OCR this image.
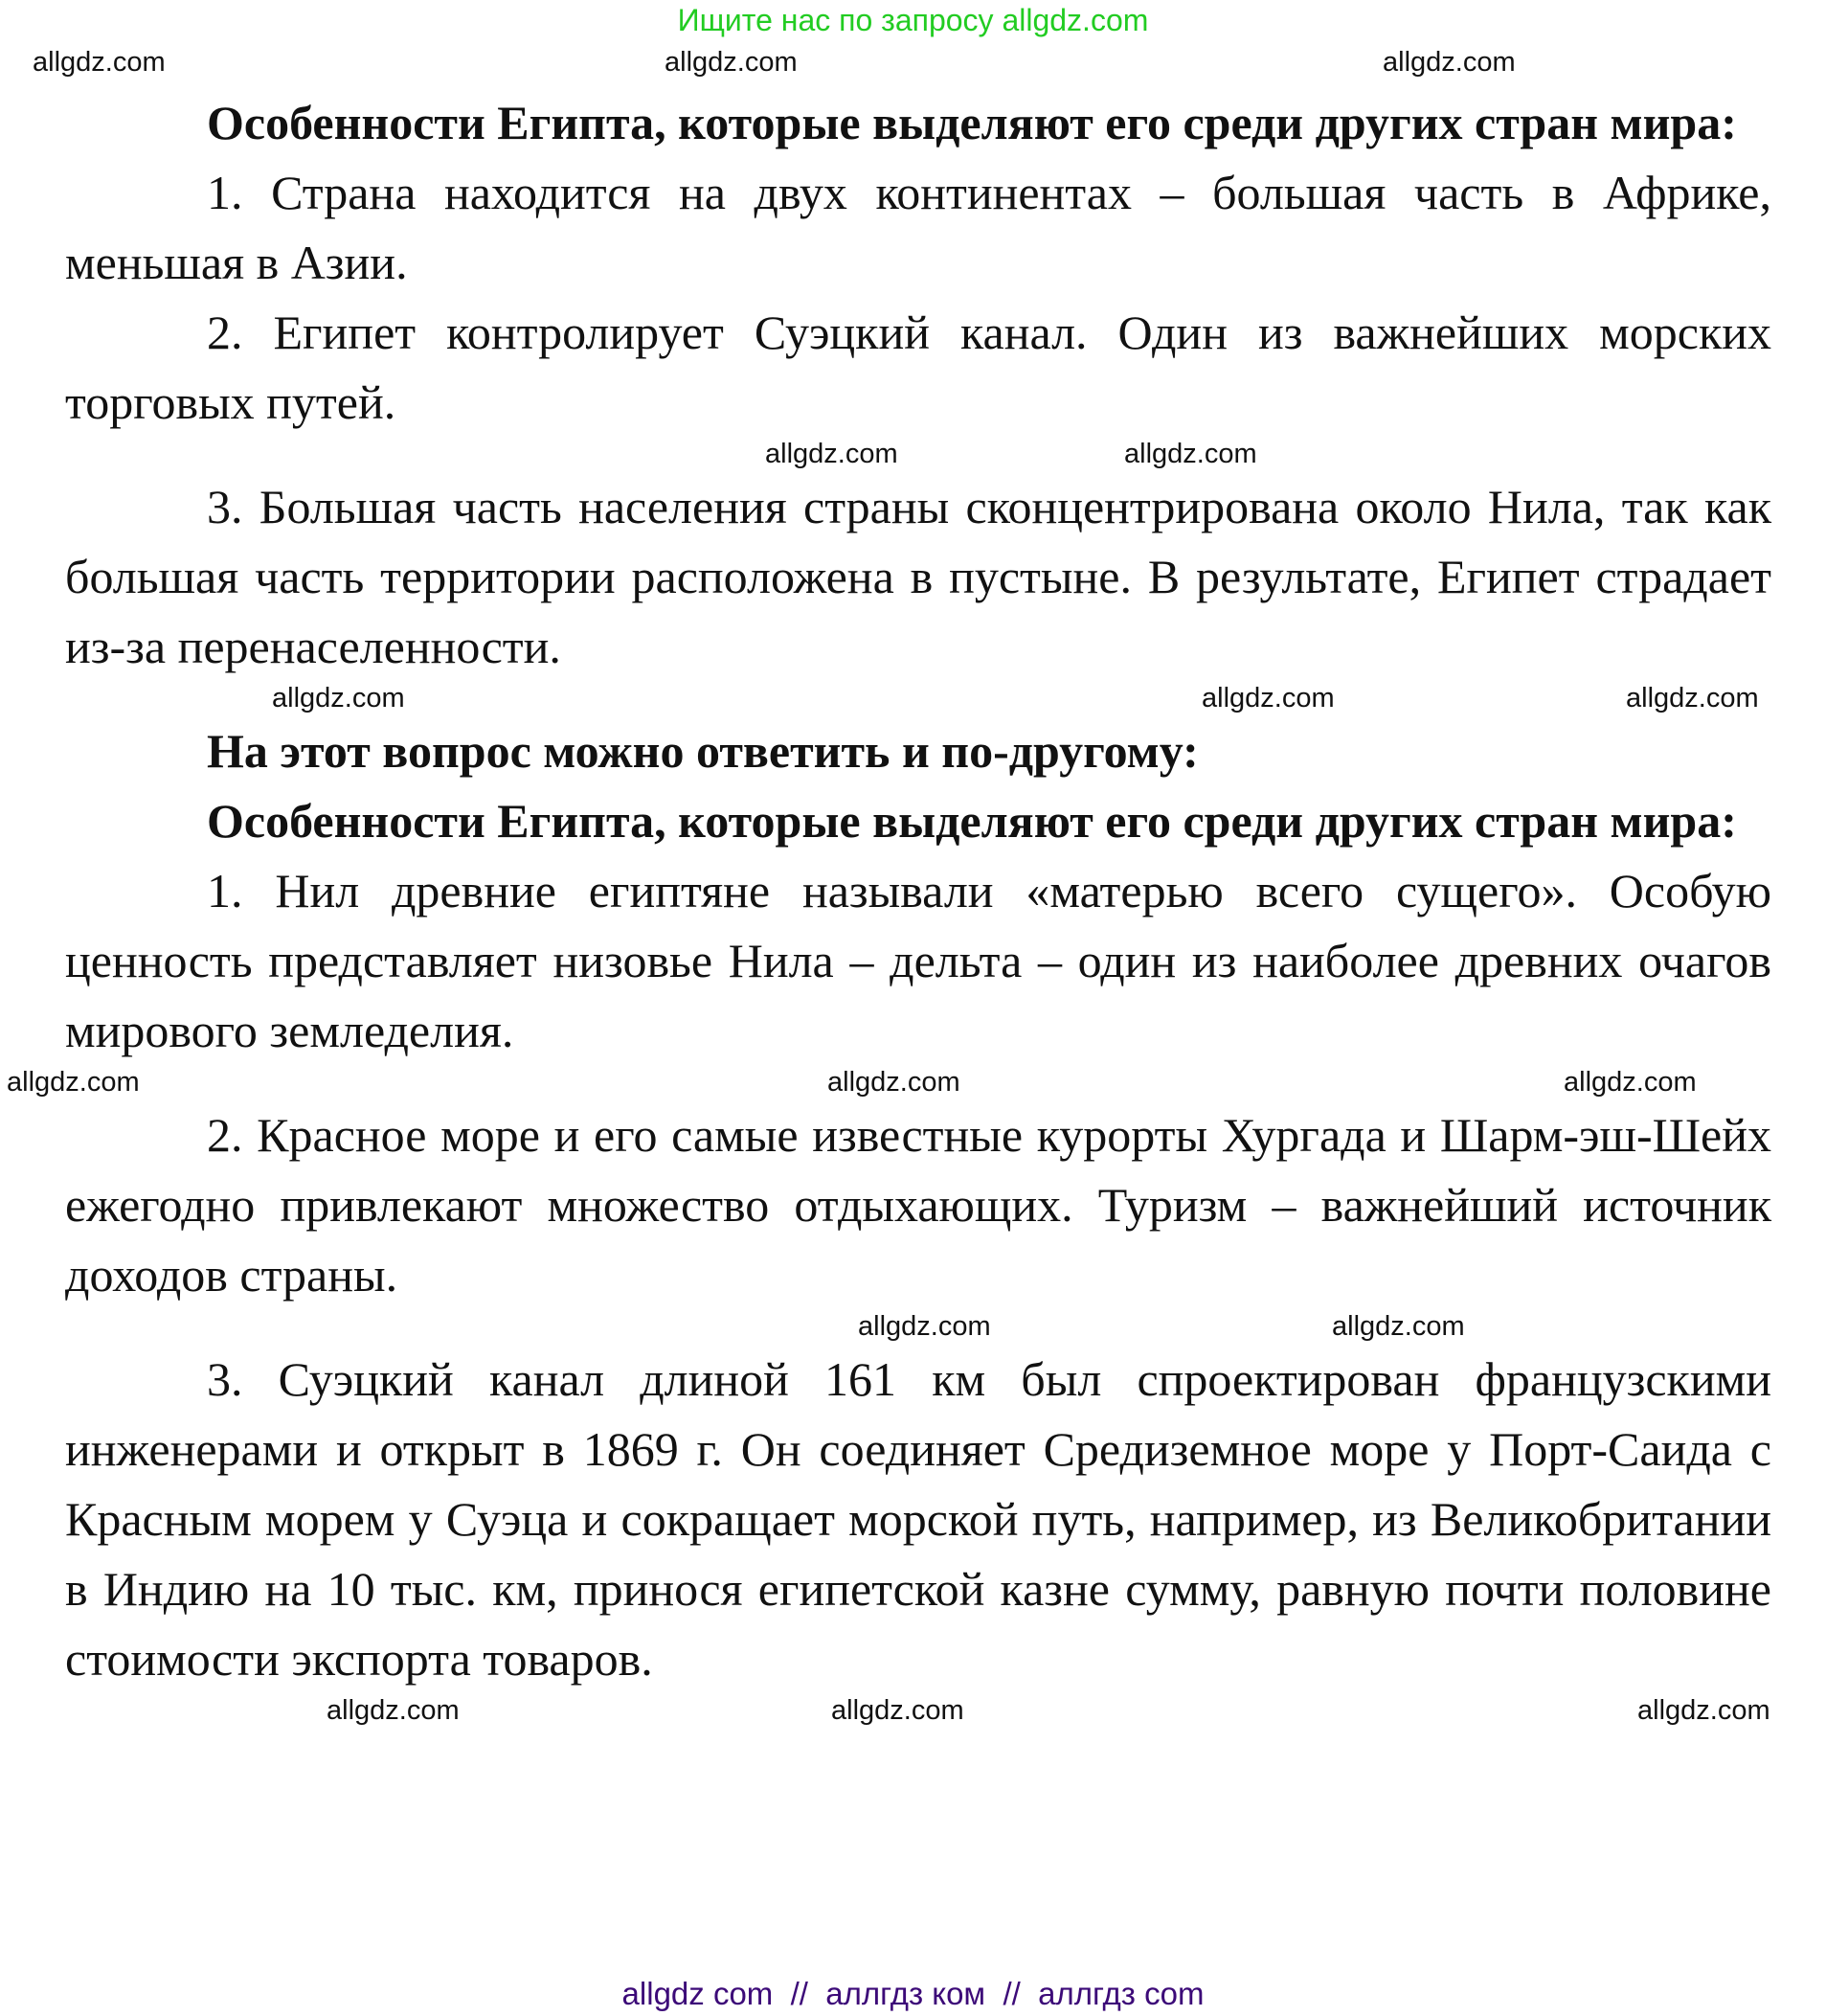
Ищите нас по запросу allgdz.com
allgdz.com	allgdz.com	allgdz.com

Особенности Египта, которые выделяют его среди других стран мира:

1. Страна находится на двух континентах – большая часть в Африке, меньшая в Азии.

2. Египет контролирует Суэцкий канал. Один из важнейших морских торговых путей.

allgdz.com	allgdz.com

3. Большая часть населения страны сконцентрирована около Нила, так как большая часть территории расположена в пустыне. В результате, Египет страдает из-за перенаселенности.

allgdz.com	allgdz.com	allgdz.com

На этот вопрос можно ответить и по-другому:

Особенности Египта, которые выделяют его среди других стран мира:

1. Нил древние египтяне называли «матерью всего сущего». Особую ценность представляет низовье Нила – дельта – один из наиболее древних очагов мирового земледелия.

allgdz.com	allgdz.com	allgdz.com

2. Красное море и его самые известные курорты Хургада и Шарм-эш-Шейх ежегодно привлекают множество отдыхающих. Туризм – важнейший источник доходов страны.

allgdz.com	allgdz.com

3. Суэцкий канал длиной 161 км был спроектирован французскими инженерами и открыт в 1869 г. Он соединяет Средиземное море у Порт-Саида с Красным морем у Суэца и сокращает морской путь, например, из Великобритании в Индию на 10 тыс. км, принося египетской казне сумму, равную почти половине стоимости экспорта товаров.

allgdz.com	allgdz.com	allgdz.com
allgdz com  //  аллгдз ком  //  аллгдз com
